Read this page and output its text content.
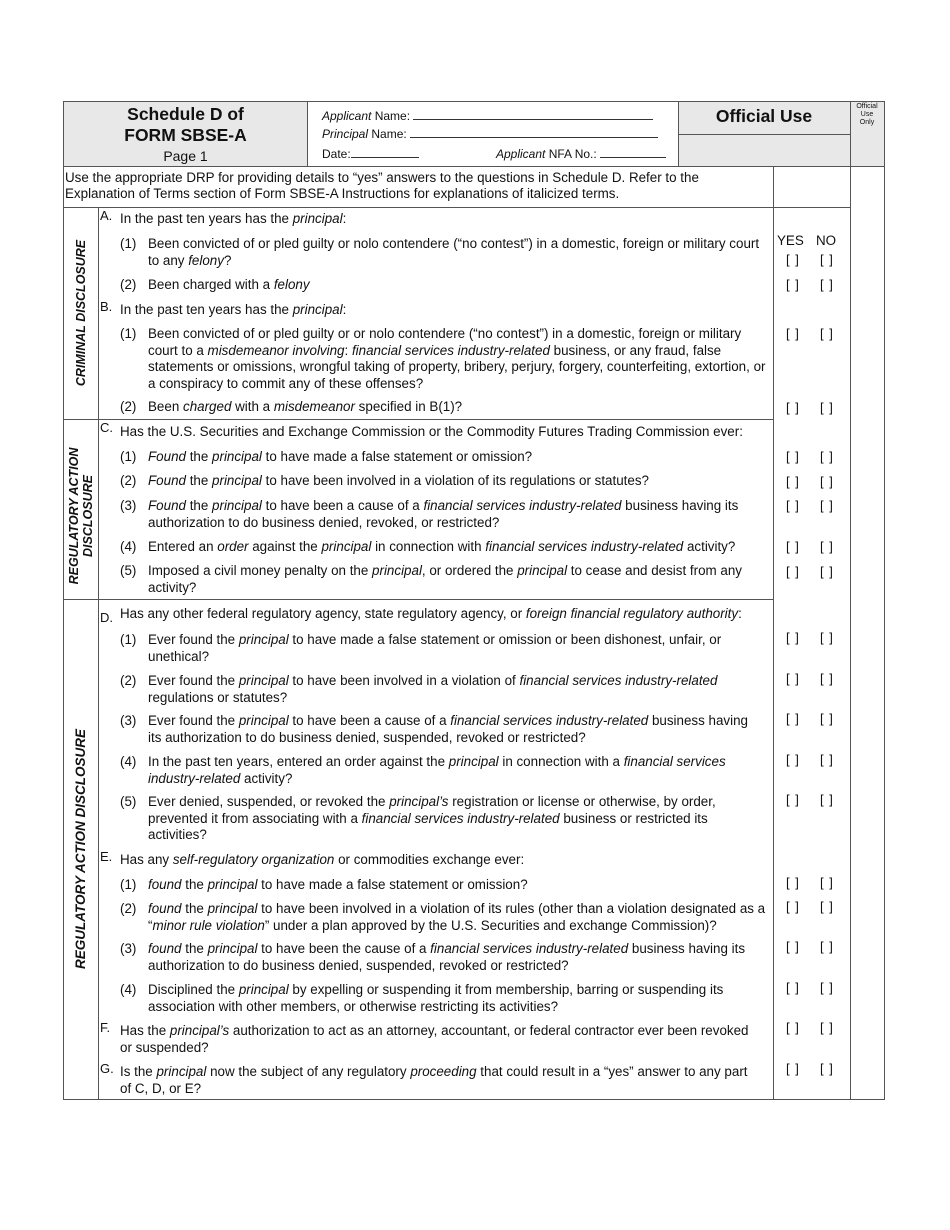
Schedule D of
FORM SBSE-A
Page 1
Applicant Name:
Principal Name:
Date:	Applicant NFA No.:
Official Use	Official
Use
Only
Use the appropriate DRP for providing details to “yes” answers to the questions in Schedule D. Refer to the Explanation of Terms section of Form SBSE-A Instructions for explanations of italicized terms.
CRIMINAL DISCLOSURE
REGULATORY ACTION DISCLOSURE
REGULATORY ACTION DISCLOSURE
YES NO
A. In the past ten years has the principal:
(1) Been convicted of or pled guilty or nolo contendere (“no contest”) in a domestic, foreign or military court to any felony?	[ ] [ ]
(2) Been charged with a felony	[ ] [ ]
B. In the past ten years has the principal:
(1) Been convicted of or pled guilty or or nolo contendere (“no contest”) in a domestic, foreign or military court to a misdemeanor involving: financial services industry-related business, or any fraud, false statements or omissions, wrongful taking of property, bribery, perjury, forgery, counterfeiting, extortion, or a conspiracy to commit any of these offenses?
[ ] [ ]
(2) Been charged with a misdemeanor specified in B(1)?	[ ] [ ]
C. Has the U.S. Securities and Exchange Commission or the Commodity Futures Trading Commission ever:
(1) Found the principal to have made a false statement or omission?	[ ] [ ]
(2) Found the principal to have been involved in a violation of its regulations or statutes?	[ ] [ ]
(3) Found the principal to have been a cause of a financial services industry-related business having its authorization to do business denied, revoked, or restricted?
[ ] [ ]
(4) Entered an order against the principal in connection with financial services industry-related activity?	[ ] [ ]
(5) Imposed a civil money penalty on the principal, or ordered the principal to cease and desist from any activity?
[ ] [ ]
D. Has any other federal regulatory agency, state regulatory agency, or foreign financial regulatory authority:
(1) Ever found the principal to have made a false statement or omission or been dishonest, unfair, or unethical?
[ ] [ ]
(2) Ever found the principal to have been involved in a violation of financial services industry-related regulations or statutes?
[ ] [ ]
(3) Ever found the principal to have been a cause of a financial services industry-related business having its authorization to do business denied, suspended, revoked or restricted?
[ ] [ ]
(4) In the past ten years, entered an order against the principal in connection with a financial services industry-related activity?
[ ] [ ]
(5) Ever denied, suspended, or revoked the principal’s registration or license or otherwise, by order, prevented it from associating with a financial services industry-related business or restricted its activities?
[ ] [ ]
E. Has any self-regulatory organization or commodities exchange ever:
(1) found the principal to have made a false statement or omission?	[ ] [ ]
(2) found the principal to have been involved in a violation of its rules (other than a violation designated as a “minor rule violation” under a plan approved by the U.S. Securities and exchange Commission)?
[ ] [ ]
(3) found the principal to have been the cause of a financial services industry-related business having its authorization to do business denied, suspended, revoked or restricted?
[ ] [ ]
(4) Disciplined the principal by expelling or suspending it from membership, barring or suspending its association with other members, or otherwise restricting its activities?
[ ] [ ]
F. Has the principal’s authorization to act as an attorney, accountant, or federal contractor ever been revoked or suspended?
[ ] [ ]
G. Is the principal now the subject of any regulatory proceeding that could result in a “yes” answer to any part of C, D, or E?
[ ] [ ]
